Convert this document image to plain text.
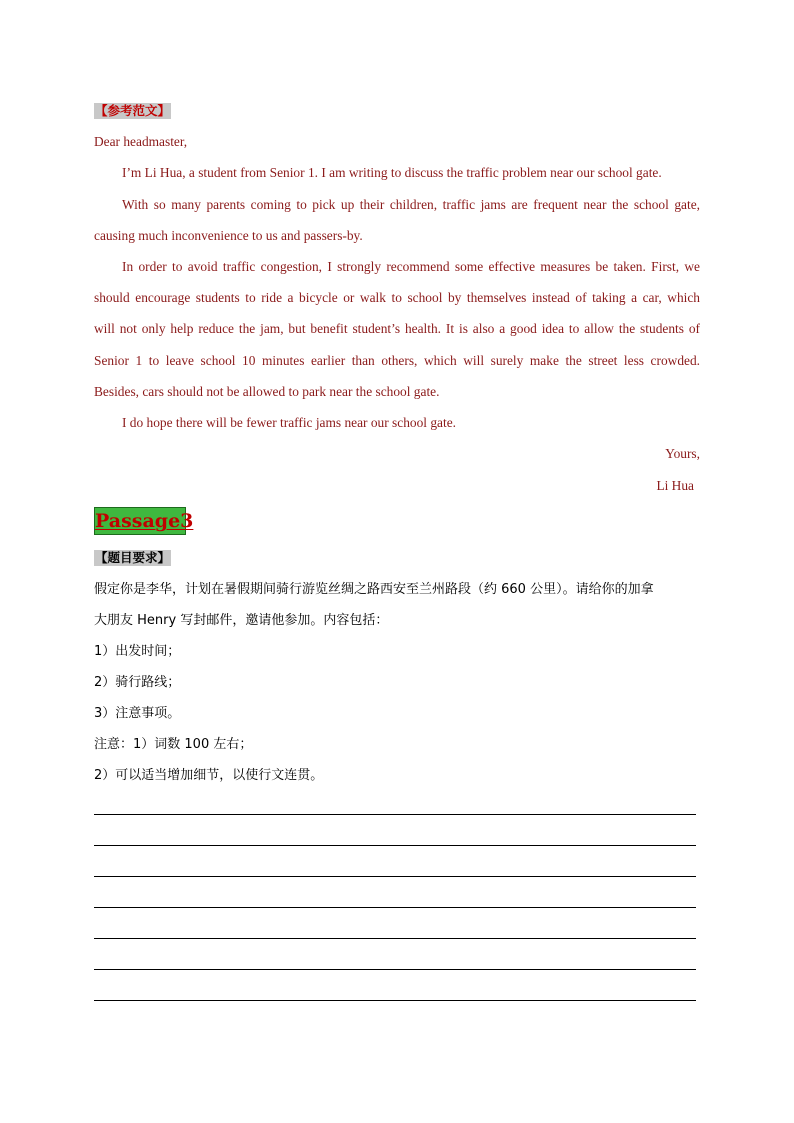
【参考范文】
Dear headmaster,
I’m Li Hua, a student from Senior 1. I am writing to discuss the traffic problem near our school gate.
With so many parents coming to pick up their children, traffic jams are frequent near the school gate,
causing much inconvenience to us and passers-by.
In order to avoid traffic congestion, I strongly recommend some effective measures be taken. First, we
should encourage students to ride a bicycle or walk to school by themselves instead of taking a car, which
will not only help reduce the jam, but benefit student’s health. It is also a good idea to allow the students of
Senior 1 to leave school 10 minutes earlier than others, which will surely make the street less crowded.
Besides, cars should not be allowed to park near the school gate.
I do hope there will be fewer traffic jams near our school gate.
Yours,
Li Hua
Passage3
【题目要求】
假定你是李华，计划在暑假期间骑行游览丝绸之路西安至兰州路段（约 660 公里）。请给你的加拿
大朋友 Henry 写封邮件，邀请他参加。内容包括：
1）出发时间；
2）骑行路线；
3）注意事项。
注意：1）词数 100 左右；
2）可以适当增加细节，以使行文连贯。
